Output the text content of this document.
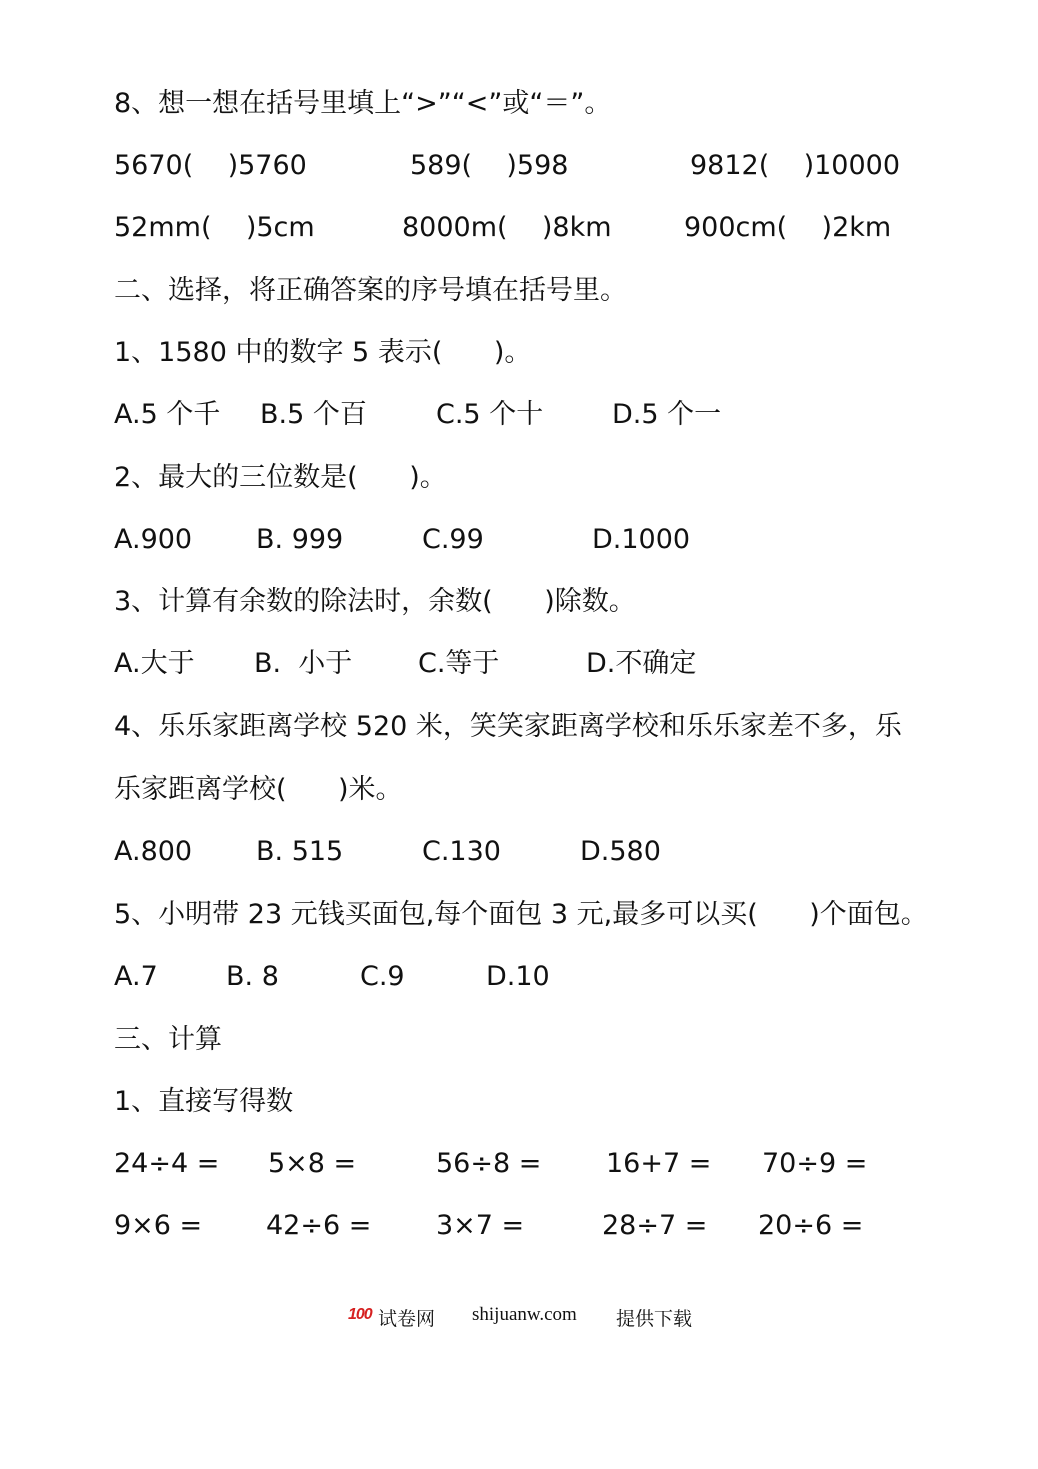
8、想一想在括号里填上“>”“<”或“＝”。

5670(    )5760

	589(    )598

	9812(    )10000

52mm(    )5cm

	8000m(    )8km

	900cm(    )2km

二、选择，将正确答案的序号填在括号里。
1、1580 中的数字 5 表示(      )。

A.5 个千

B.5 个百

	C.5 个十

	D.5 个一

2、最大的三位数是(      )。

A.900

B. 999

	C.99

	D.1000

3、计算有余数的除法时，余数(      )除数。

A.大于

B.  小于

C.等于

	D.不确定

4、乐乐家距离学校 520 米，笑笑家距离学校和乐乐家差不多，乐
乐家距离学校(      )米。

A.800

B. 515

	C.130

	D.580

5、小明带 23 元钱买面包,每个面包 3 元,最多可以买(      )个面包。

A.7

	B. 8

	C.9

	D.10

三、计算
1、直接写得数

24÷4 =

5×8 =

	56÷8 =

16+7 =

70÷9 =

9×6 =

42÷6 =

3×7 =

	28÷7 =

20÷6 =

100 试卷网 shijuanw.com 提供下载
